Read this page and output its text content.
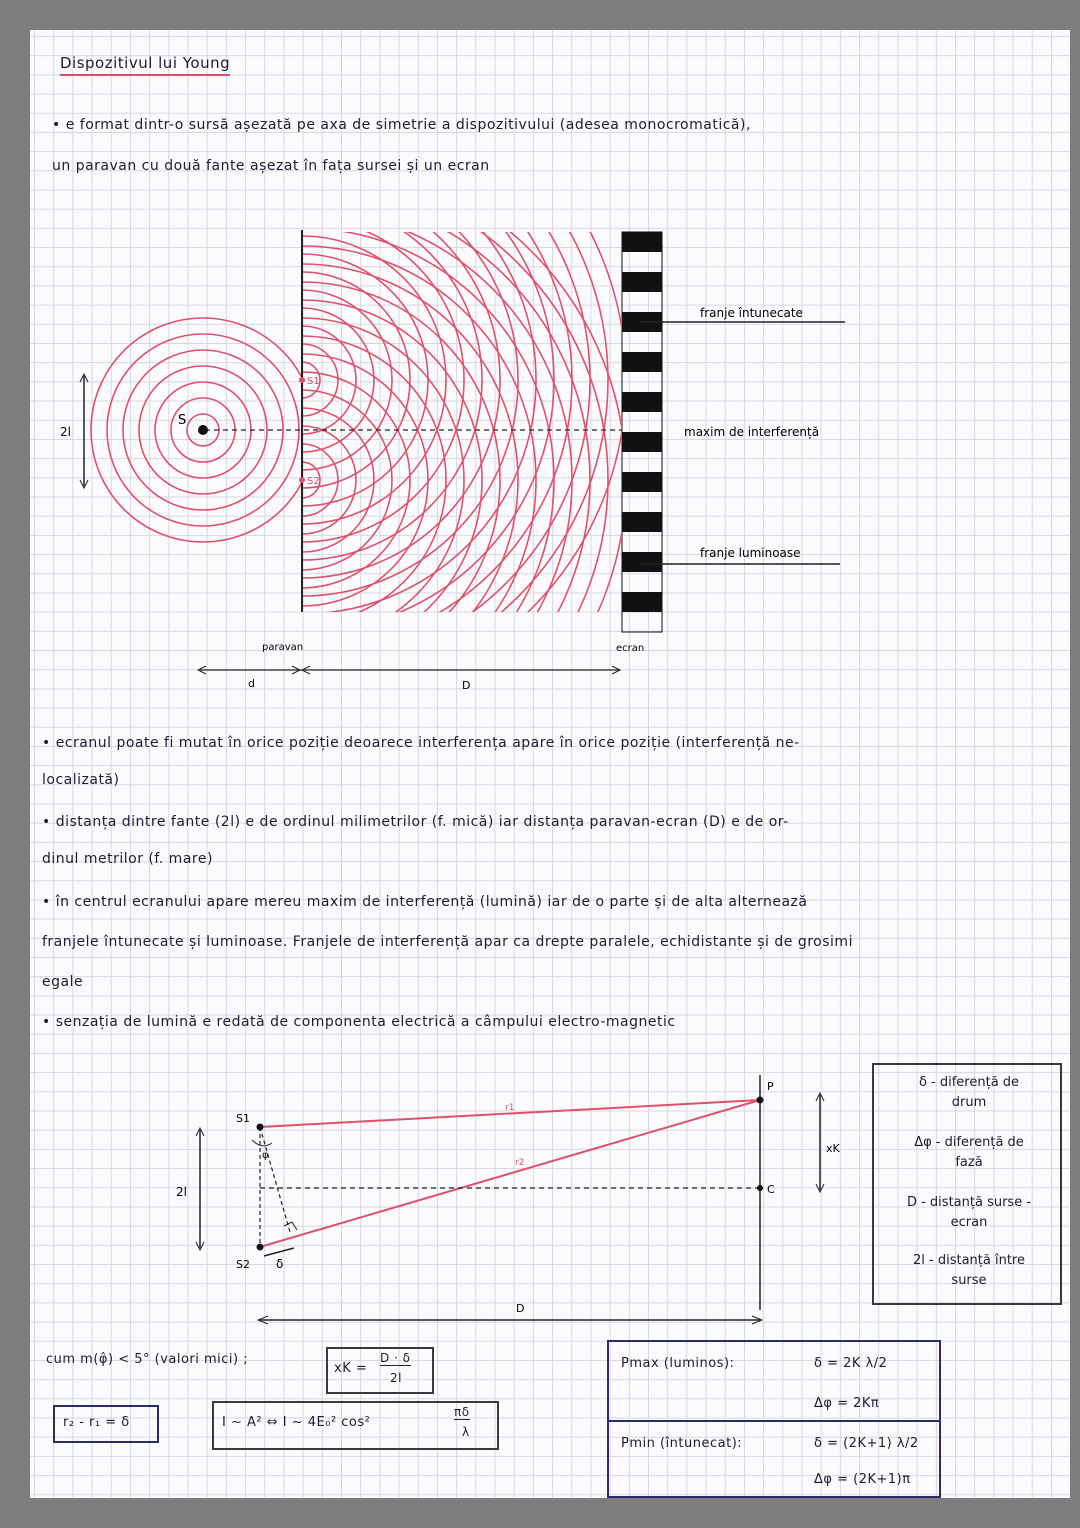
Dispozitivul lui Young
• e format dintr-o sursă așezată pe axa de simetrie a dispozitivului (adesea monocromatică),
un paravan cu două fante așezat în fața sursei și un ecran
S
S1
S2
2l
franje întunecate
maxim de interferență
franje luminoase
paravan	ecran
d	D
• ecranul poate fi mutat în orice poziție deoarece interferența apare în orice poziție (interferență ne-
localizată)
• distanța dintre fante (2l) e de ordinul milimetrilor (f. mică) iar distanța paravan-ecran (D) e de or-
dinul metrilor (f. mare)
• în centrul ecranului apare mereu maxim de interferență (lumină) iar de o parte și de alta alternează
franjele întunecate și luminoase. Franjele de interferență apar ca drepte paralele, echidistante și de grosimi
egale
• senzația de lumină e redată de componenta electrică a câmpului electro-magnetic
S1
S2
P
C
r1
r2
2l
xK
δ
φ
D
δ - diferență de
drum
Δφ - diferență de
fază
D - distanță surse -
ecran
2l - distanță între
surse
cum m(φ̂) < 5° (valori mici) ;
xK =
D · δ
2l
r₂ - r₁ = δ	I ~ A² ⇔ I ~ 4E₀² cos²
πδ
λ
Pmax (luminos):	δ = 2K λ/2
Δφ = 2Kπ
Pmin (întunecat):	δ = (2K+1) λ/2
Δφ = (2K+1)π
